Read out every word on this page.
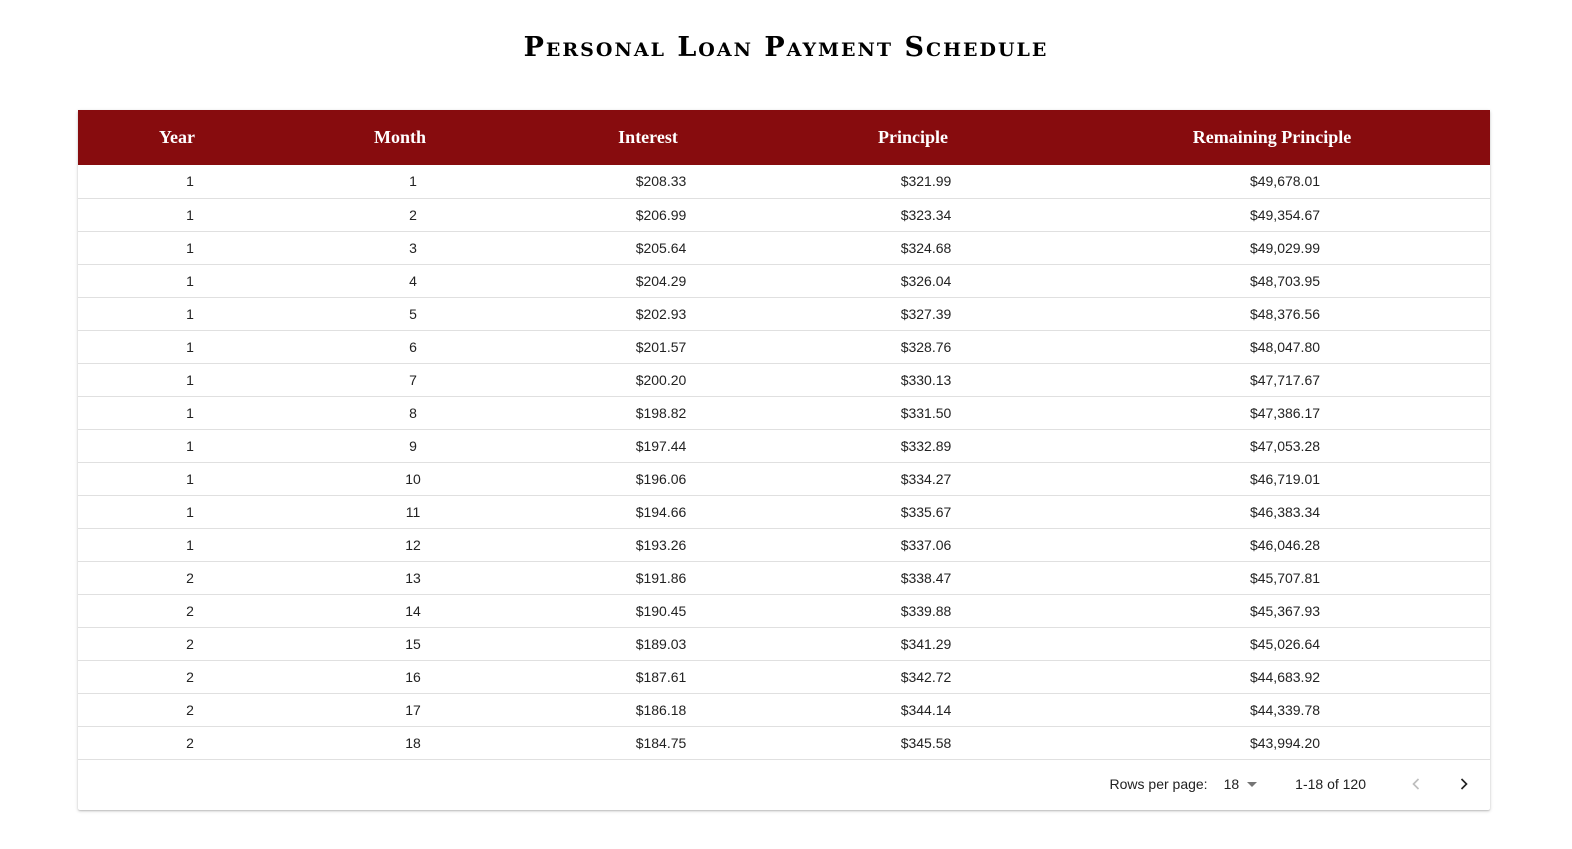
Personal Loan Payment Schedule
Year	Month	Interest	Principle	Remaining Principle
1	1	$208.33	$321.99	$49,678.01
1	2	$206.99	$323.34	$49,354.67
1	3	$205.64	$324.68	$49,029.99
1	4	$204.29	$326.04	$48,703.95
1	5	$202.93	$327.39	$48,376.56
1	6	$201.57	$328.76	$48,047.80
1	7	$200.20	$330.13	$47,717.67
1	8	$198.82	$331.50	$47,386.17
1	9	$197.44	$332.89	$47,053.28
1	10	$196.06	$334.27	$46,719.01
1	11	$194.66	$335.67	$46,383.34
1	12	$193.26	$337.06	$46,046.28
2	13	$191.86	$338.47	$45,707.81
2	14	$190.45	$339.88	$45,367.93
2	15	$189.03	$341.29	$45,026.64
2	16	$187.61	$342.72	$44,683.92
2	17	$186.18	$344.14	$44,339.78
2	18	$184.75	$345.58	$43,994.20
Rows per page: 18	1-18 of 120
